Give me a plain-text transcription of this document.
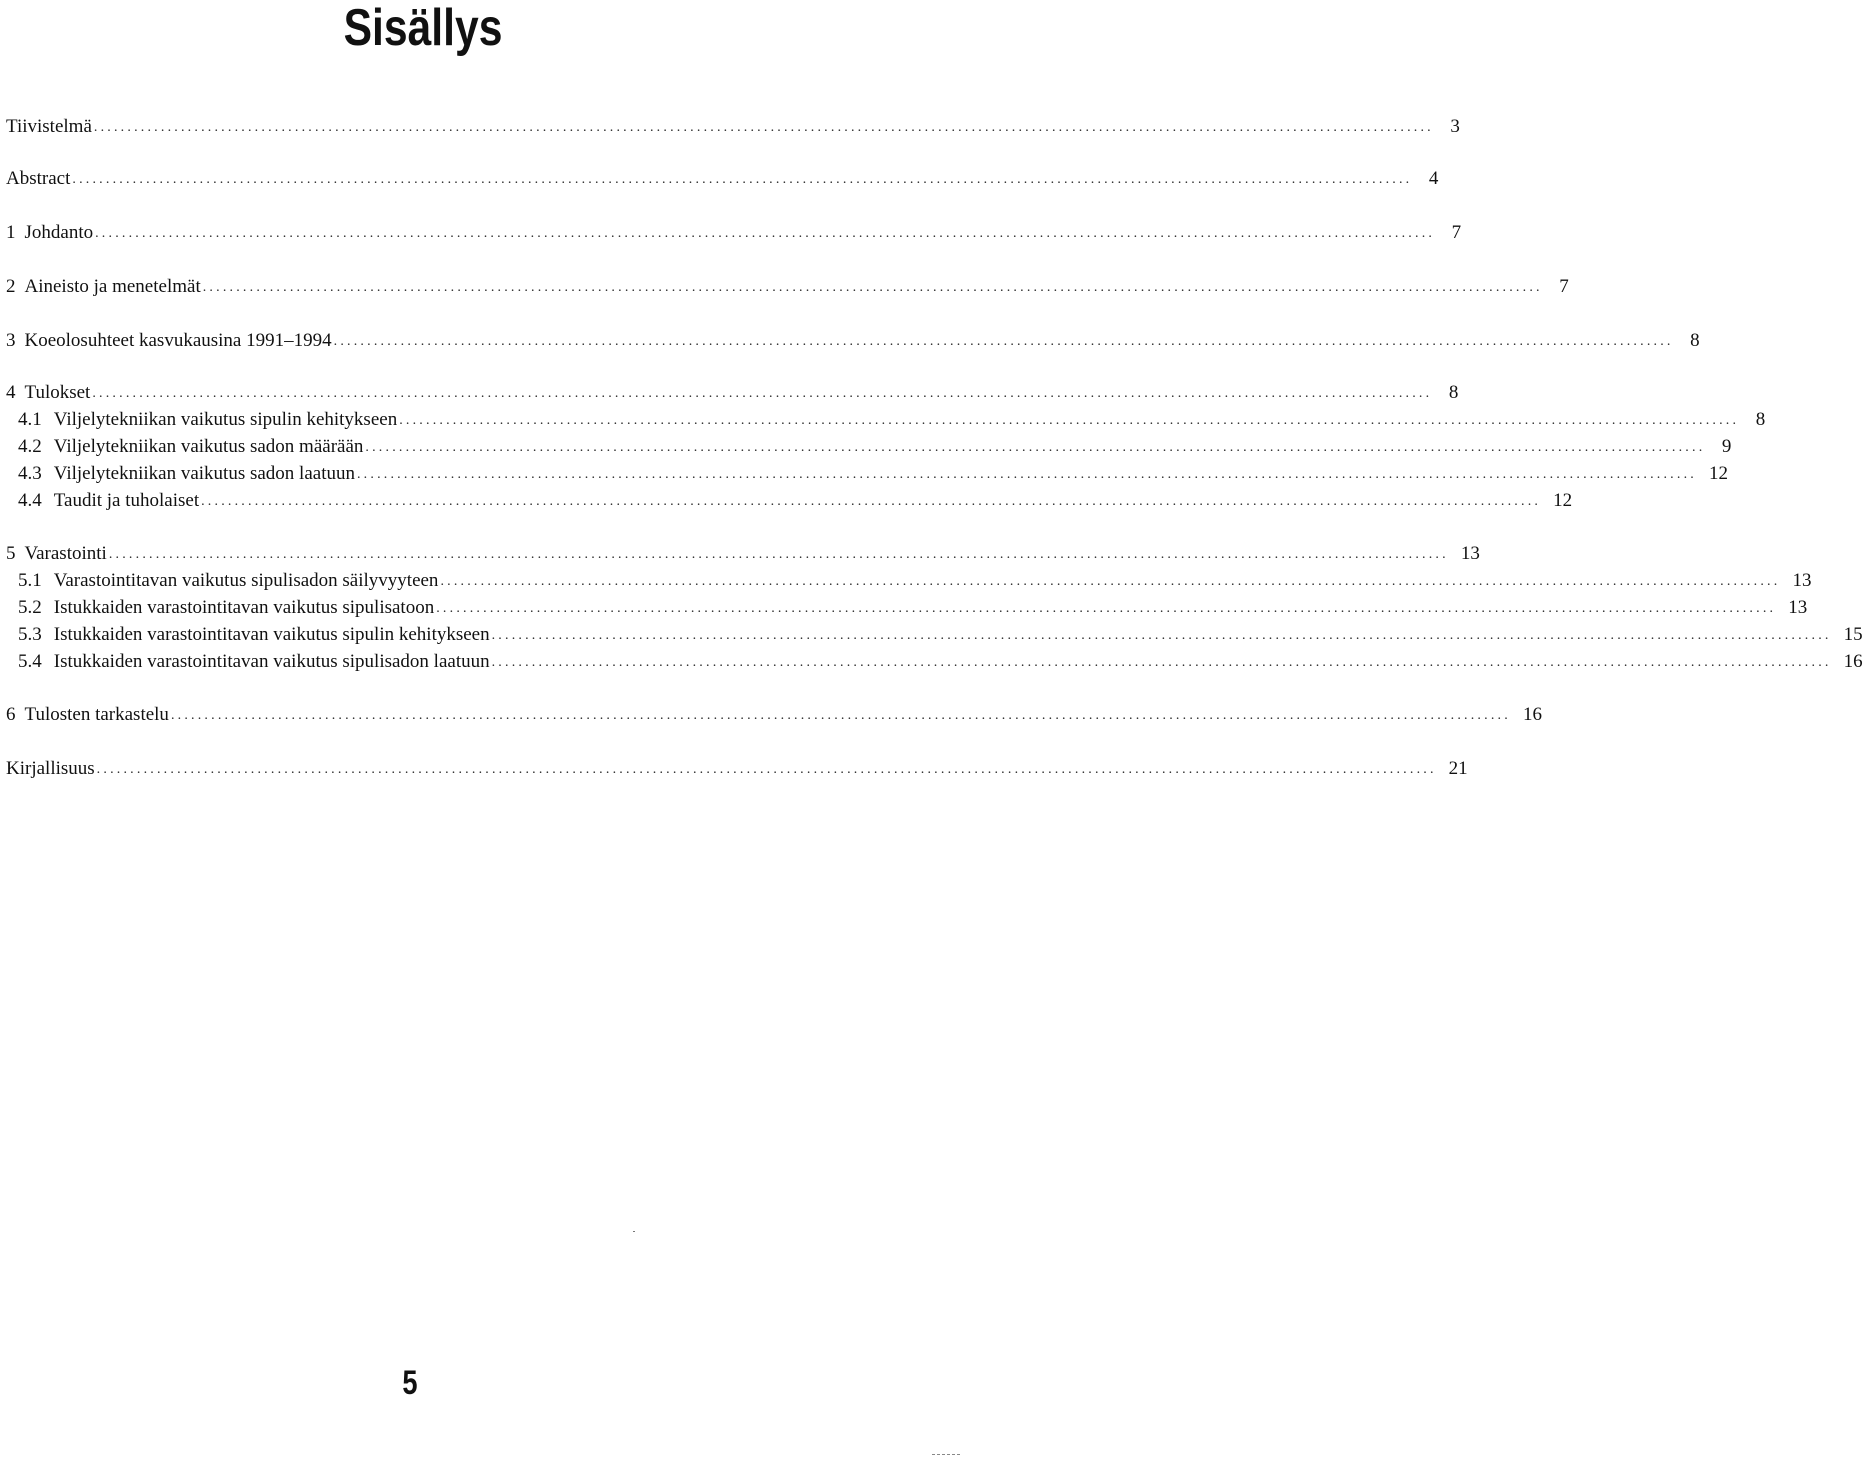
Sisällys
Tiivistelmä ........................................................................................................................................................................................................ 3
Abstract ........................................................................................................................................................................................................ 4
1 Johdanto ........................................................................................................................................................................................................ 7
2 Aineisto ja menetelmät ........................................................................................................................................................................................................ 7
3 Koeolosuhteet kasvukausina 1991–1994 ........................................................................................................................................................................................................ 8
4 Tulokset ........................................................................................................................................................................................................ 8
4.1 Viljelytekniikan vaikutus sipulin kehitykseen ........................................................................................................................................................................................................ 8
4.2 Viljelytekniikan vaikutus sadon määrään ........................................................................................................................................................................................................ 9
4.3 Viljelytekniikan vaikutus sadon laatuun ........................................................................................................................................................................................................ 12
4.4 Taudit ja tuholaiset ........................................................................................................................................................................................................ 12
5 Varastointi ........................................................................................................................................................................................................ 13
5.1 Varastointitavan vaikutus sipulisadon säilyvyyteen ........................................................................................................................................................................................................ 13
5.2 Istukkaiden varastointitavan vaikutus sipulisatoon ........................................................................................................................................................................................................ 13
5.3 Istukkaiden varastointitavan vaikutus sipulin kehitykseen ........................................................................................................................................................................................................ 15
5.4 Istukkaiden varastointitavan vaikutus sipulisadon laatuun ........................................................................................................................................................................................................ 16
6 Tulosten tarkastelu ........................................................................................................................................................................................................ 16
Kirjallisuus ........................................................................................................................................................................................................ 21
5
